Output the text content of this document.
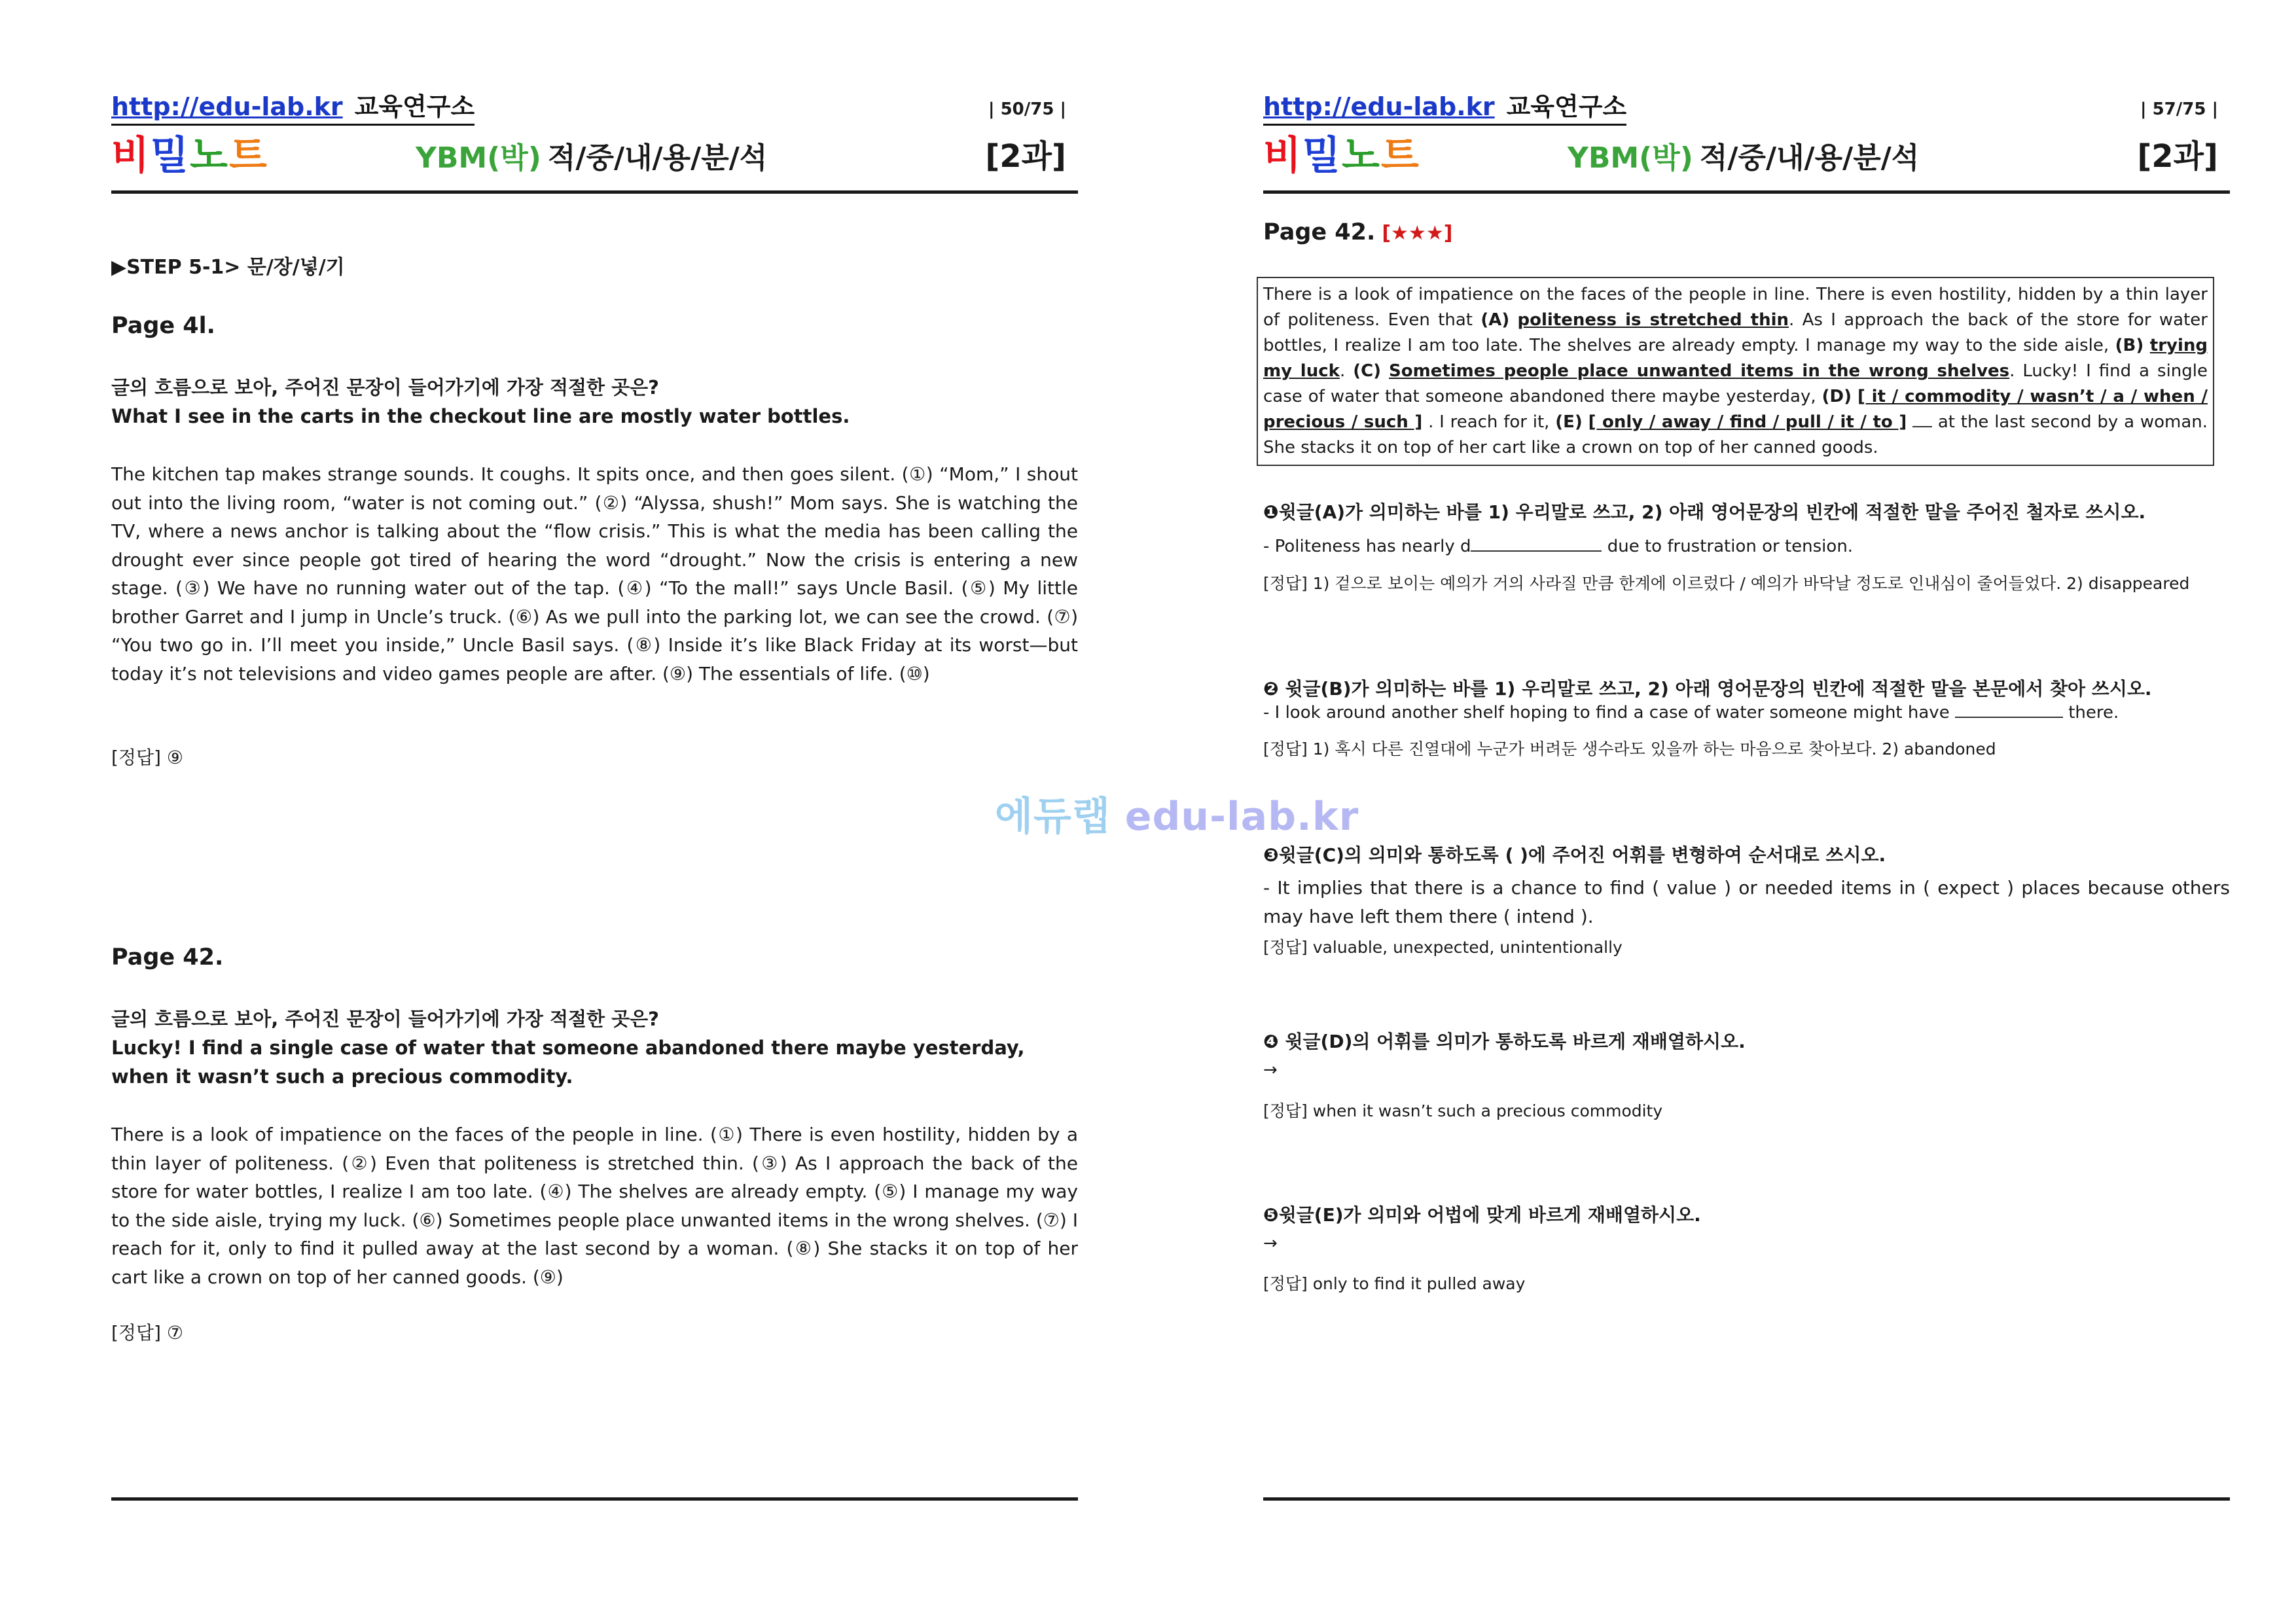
http://edu-lab.kr 교육연구소	| 50/75 |
비밀노트	YBM(박) 적/중/내/용/분/석	[2과]
▶STEP 5-1> 문/장/넣/기
Page 4l.
글의 흐름으로 보아, 주어진 문장이 들어가기에 가장 적절한 곳은?
What I see in the carts in the checkout line are mostly water bottles.
The kitchen tap makes strange sounds. It coughs. It spits once, and then goes silent. (①) “Mom,” I shout out into the living room, “water is not coming out.” (②) “Alyssa, shush!” Mom says. She is watching the TV, where a news anchor is talking about the “flow crisis.” This is what the media has been calling the drought ever since people got tired of hearing the word “drought.” Now the crisis is entering a new stage. (③) We have no running water out of the tap. (④) “To the mall!” says Uncle Basil. (⑤) My little brother Garret and I jump in Uncle’s truck. (⑥) As we pull into the parking lot, we can see the crowd. (⑦) “You two go in. I’ll meet you inside,” Uncle Basil says. (⑧) Inside it’s like Black Friday at its worst—but today it’s not televisions and video games people are after. (⑨) The essentials of life. (⑩)
[정답] ⑨
Page 42.
글의 흐름으로 보아, 주어진 문장이 들어가기에 가장 적절한 곳은?
Lucky! I find a single case of water that someone abandoned there maybe yesterday, when it wasn’t such a precious commodity.
There is a look of impatience on the faces of the people in line. (①) There is even hostility, hidden by a thin layer of politeness. (②) Even that politeness is stretched thin. (③) As I approach the back of the store for water bottles, I realize I am too late. (④) The shelves are already empty. (⑤) I manage my way to the side aisle, trying my luck. (⑥) Sometimes people place unwanted items in the wrong shelves. (⑦) I reach for it, only to find it pulled away at the last second by a woman. (⑧) She stacks it on top of her cart like a crown on top of her canned goods. (⑨)
[정답] ⑦
http://edu-lab.kr 교육연구소	| 57/75 |
비밀노트	YBM(박) 적/중/내/용/분/석	[2과]
Page 42. [★★★]
There is a look of impatience on the faces of the people in line. There is even hostility, hidden by a thin layer of politeness. Even that (A) politeness is stretched thin. As I approach the back of the store for water bottles, I realize I am too late. The shelves are already empty. I manage my way to the side aisle, (B) trying my luck. (C) Sometimes people place unwanted items in the wrong shelves. Lucky! I find a single case of water that someone abandoned there maybe yesterday, (D) [ it / commodity / wasn’t / a / when / precious / such ] . I reach for it, (E) [ only / away / find / pull / it / to ]  at the last second by a woman. She stacks it on top of her cart like a crown on top of her canned goods.
❶윗글(A)가 의미하는 바를 1) 우리말로 쓰고, 2) 아래 영어문장의 빈칸에 적절한 말을 주어진 철자로 쓰시오.
- Politeness has nearly d	due to frustration or tension.
[정답] 1) 겉으로 보이는 예의가 거의 사라질 만큼 한계에 이르렀다 / 예의가 바닥날 정도로 인내심이 줄어들었다. 2) disappeared
❷ 윗글(B)가 의미하는 바를 1) 우리말로 쓰고, 2) 아래 영어문장의 빈칸에 적절한 말을 본문에서 찾아 쓰시오.
- I look around another shelf hoping to find a case of water someone might have	there.
[정답] 1) 혹시 다른 진열대에 누군가 버려둔 생수라도 있을까 하는 마음으로 찾아보다. 2) abandoned
❸윗글(C)의 의미와 통하도록 ( )에 주어진 어휘를 변형하여 순서대로 쓰시오.
- It implies that there is a chance to find ( value ) or needed items in ( expect ) places because others may have left them there ( intend ).
[정답] valuable, unexpected, unintentionally
❹ 윗글(D)의 어휘를 의미가 통하도록 바르게 재배열하시오.
→
[정답] when it wasn’t such a precious commodity
❺윗글(E)가 의미와 어법에 맞게 바르게 재배열하시오.
→
[정답] only to find it pulled away
에듀랩 edu-lab.kr
